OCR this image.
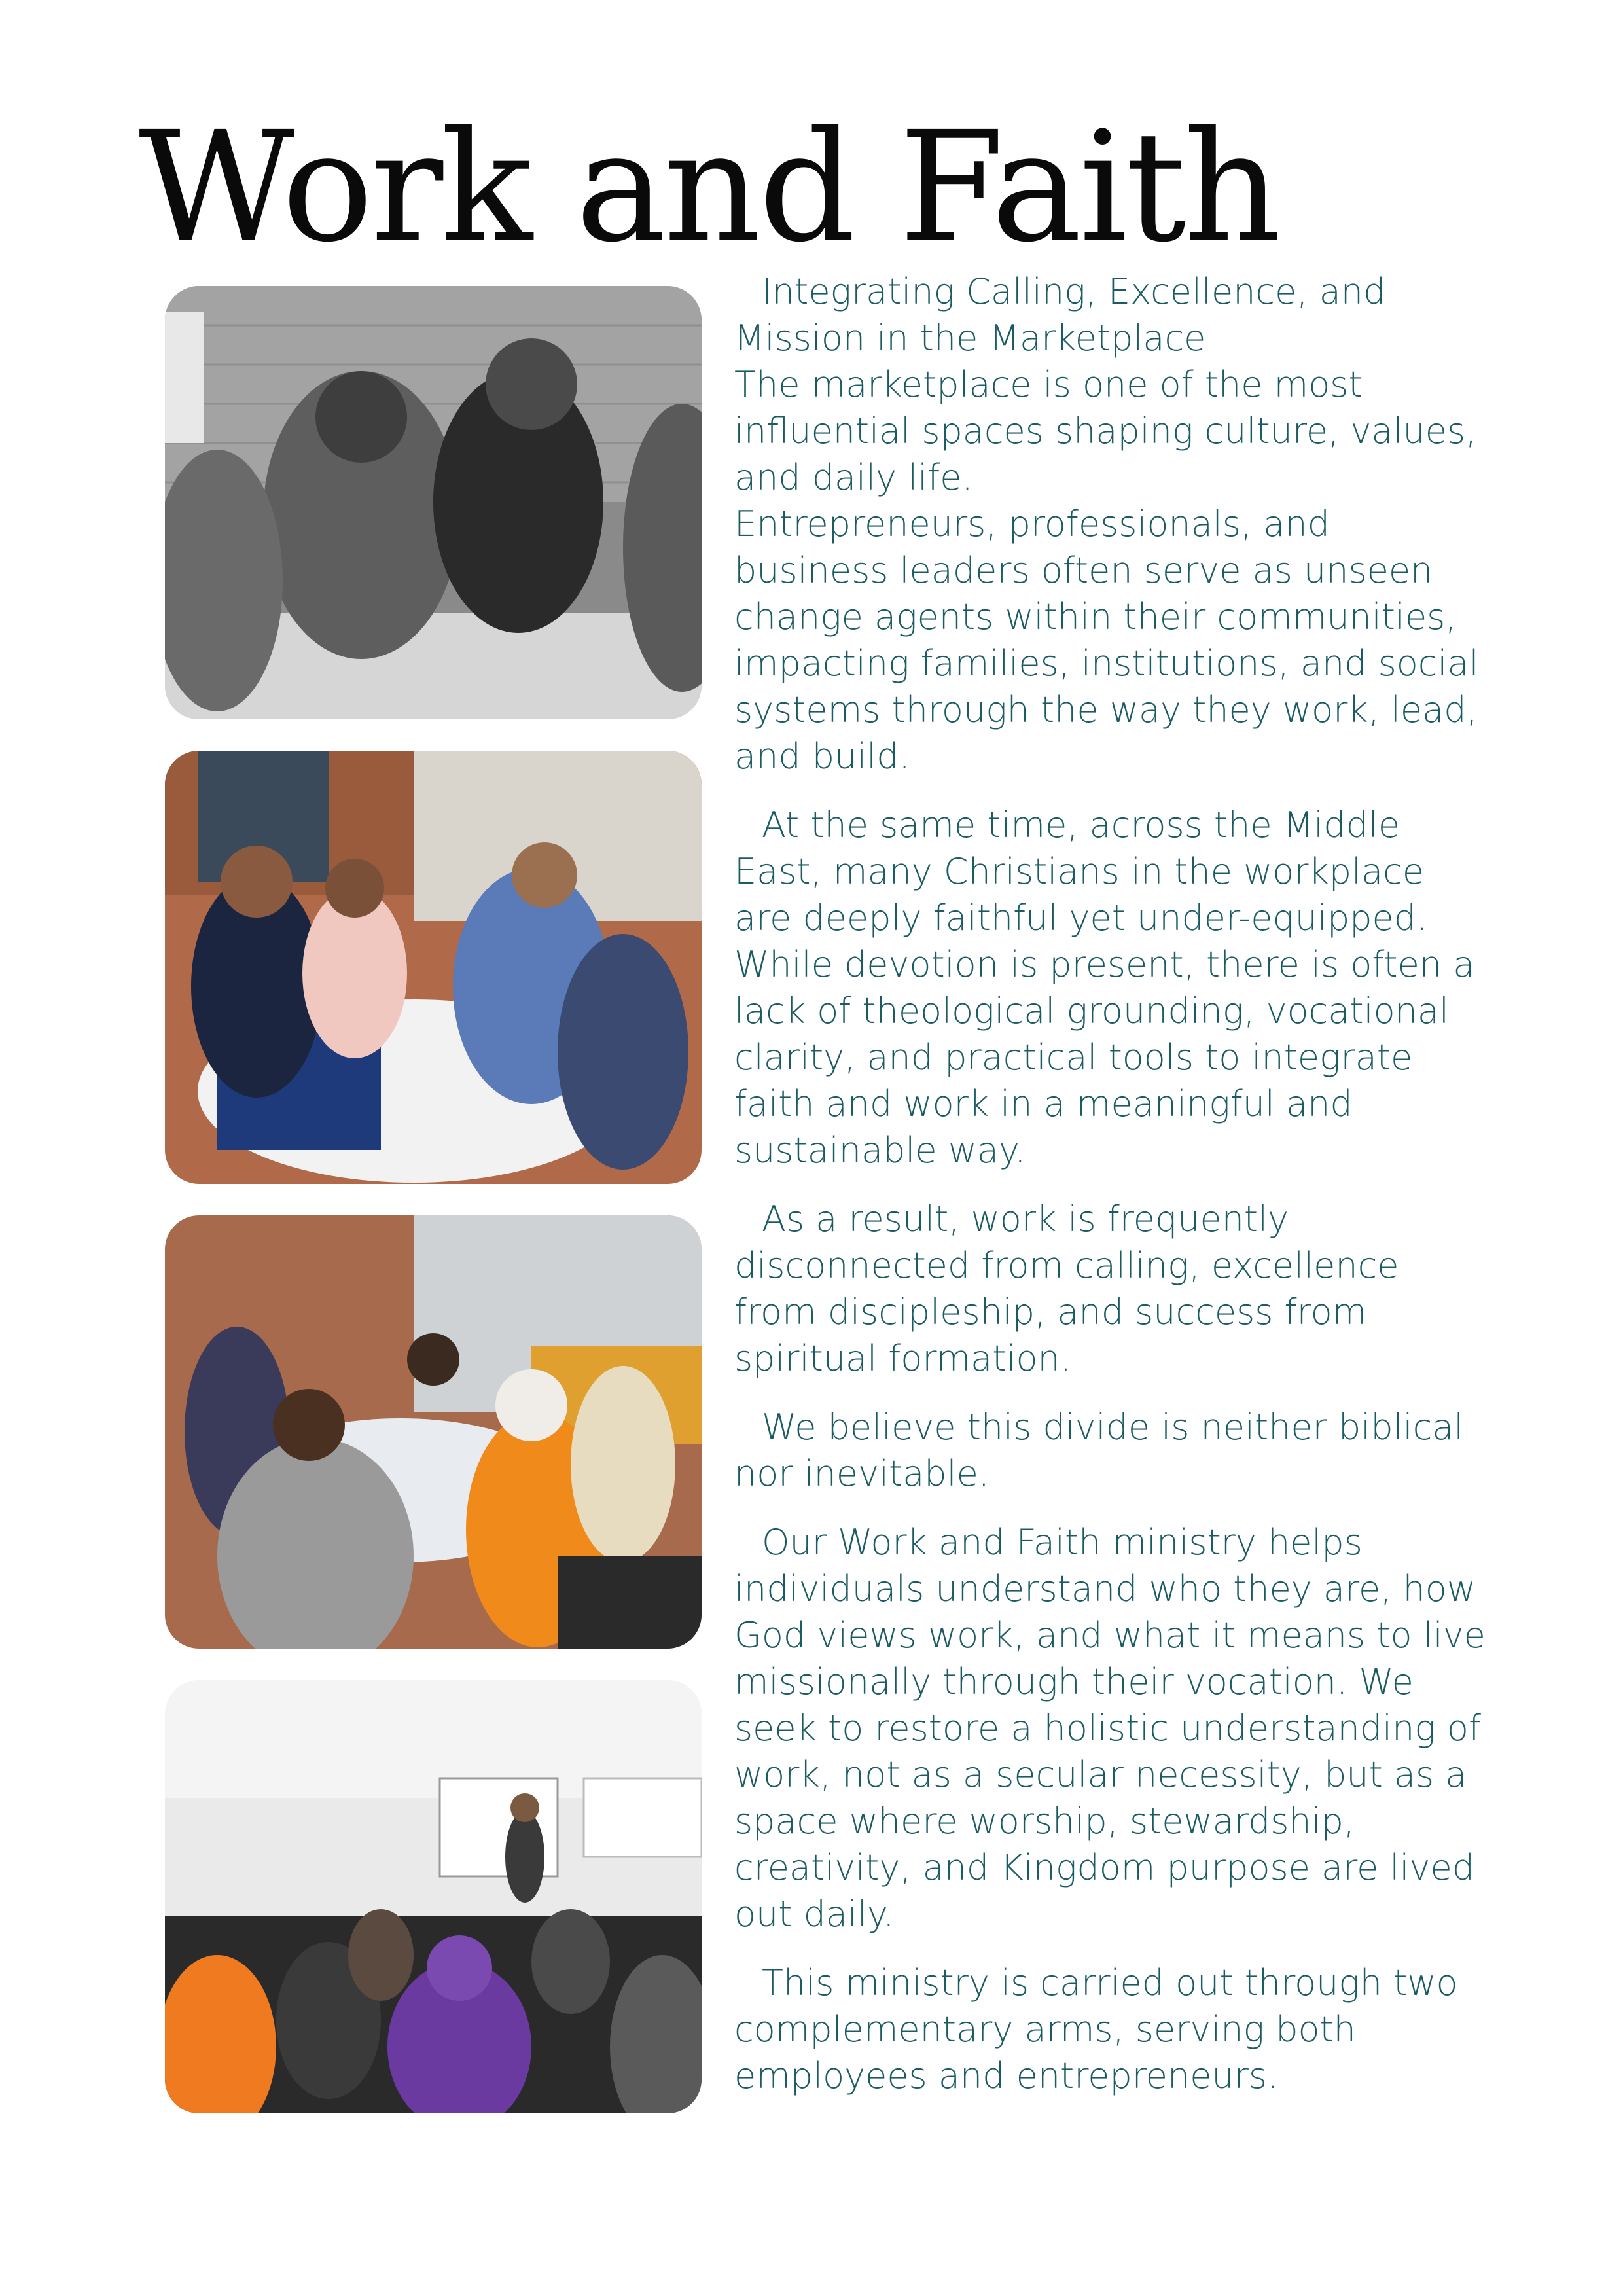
Work and Faith

Integrating Calling, Excellence, and
Mission in the Marketplace
The marketplace is one of the most influential spaces shaping culture, values, and daily life.
Entrepreneurs, professionals, and business leaders often serve as unseen change agents within their communities, impacting families, institutions, and social systems through the way they work, lead, and build.

At the same time, across the Middle East, many Christians in the workplace are deeply faithful yet under-equipped. While devotion is present, there is often a lack of theological grounding, vocational clarity, and practical tools to integrate faith and work in a meaningful and sustainable way.

As a result, work is frequently disconnected from calling, excellence from discipleship, and success from spiritual formation.

We believe this divide is neither biblical nor inevitable.

Our Work and Faith ministry helps individuals understand who they are, how God views work, and what it means to live missionally through their vocation. We seek to restore a holistic understanding of work, not as a secular necessity, but as a space where worship, stewardship, creativity, and Kingdom purpose are lived out daily.

This ministry is carried out through two complementary arms, serving both employees and entrepreneurs.
